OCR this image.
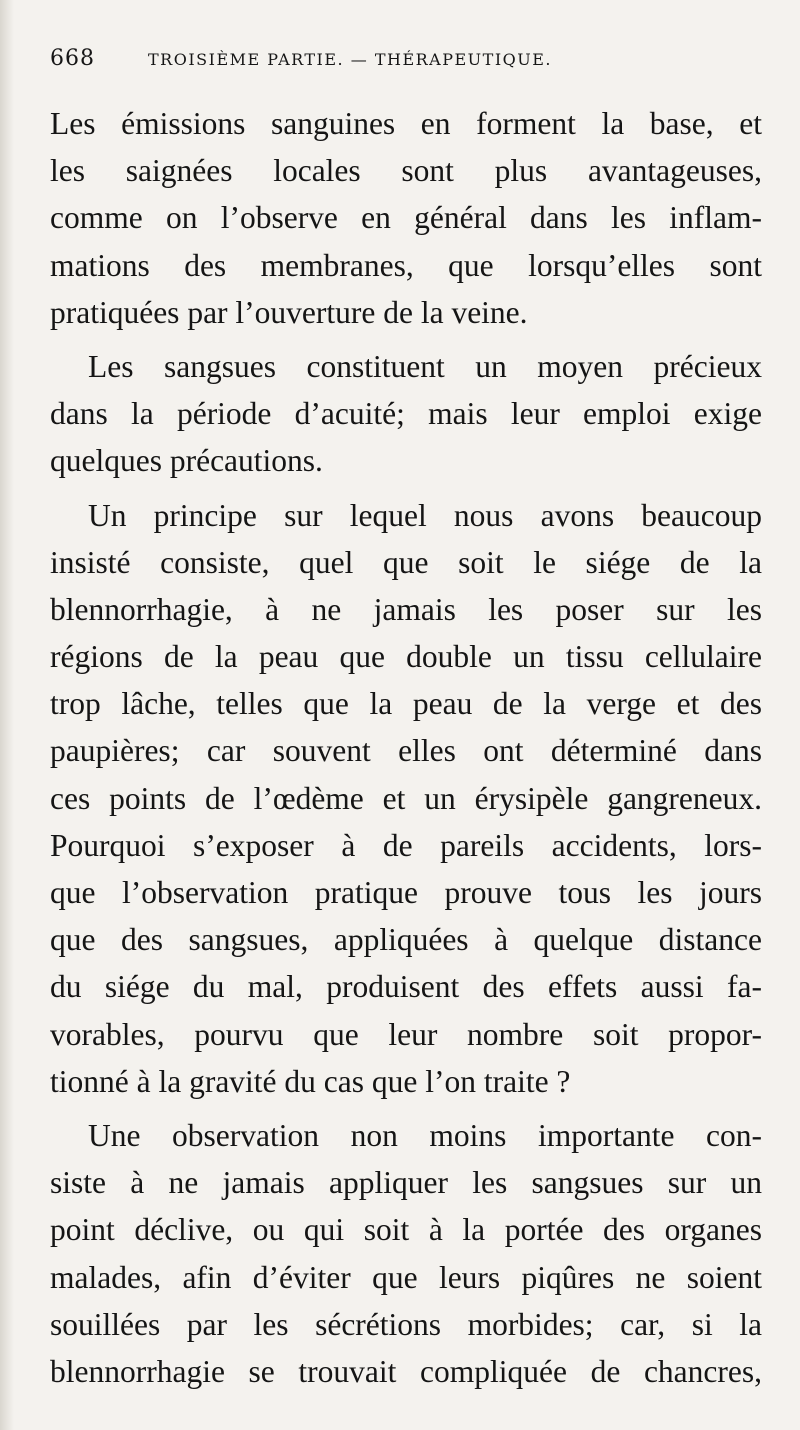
668	TROISIÈME PARTIE. — THÉRAPEUTIQUE.

Les émissions sanguines en forment la base, et
les saignées locales sont plus avantageuses,
comme on l’observe en général dans les inflam-
mations des membranes, que lorsqu’elles sont
pratiquées par l’ouverture de la veine.

Les sangsues constituent un moyen précieux
dans la période d’acuité; mais leur emploi exige
quelques précautions.

Un principe sur lequel nous avons beaucoup
insisté consiste, quel que soit le siége de la
blennorrhagie, à ne jamais les poser sur les
régions de la peau que double un tissu cellulaire
trop lâche, telles que la peau de la verge et des
paupières; car souvent elles ont déterminé dans
ces points de l’œdème et un érysipèle gangreneux.
Pourquoi s’exposer à de pareils accidents, lors-
que l’observation pratique prouve tous les jours
que des sangsues, appliquées à quelque distance
du siége du mal, produisent des effets aussi fa-
vorables, pourvu que leur nombre soit propor-
tionné à la gravité du cas que l’on traite ?

Une observation non moins importante con-
siste à ne jamais appliquer les sangsues sur un
point déclive, ou qui soit à la portée des organes
malades, afin d’éviter que leurs piqûres ne soient
souillées par les sécrétions morbides; car, si la
blennorrhagie se trouvait compliquée de chancres,
